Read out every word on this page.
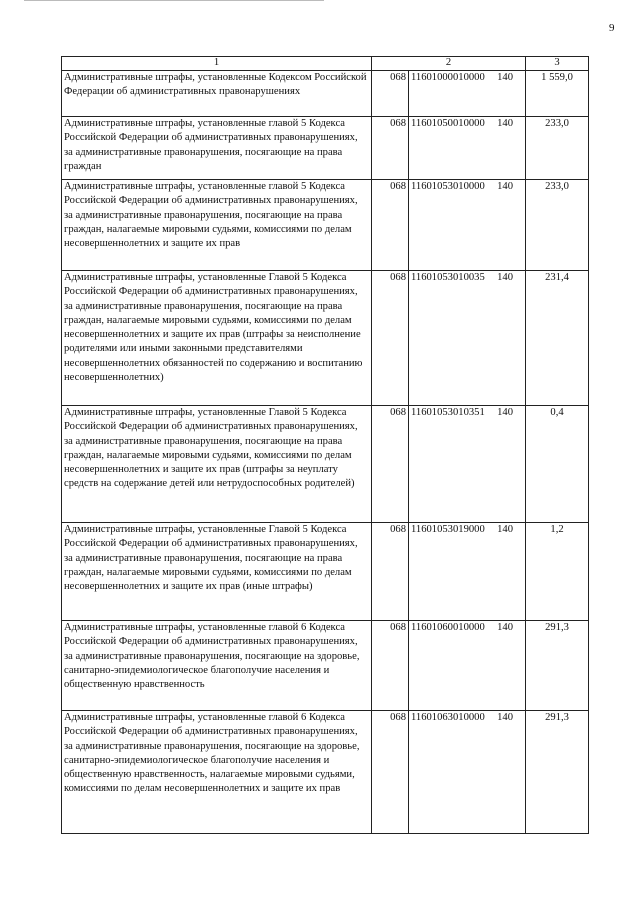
9
1	2		3
Административные штрафы, установленные Кодексом Российской Федерации об административных правонарушениях	068	11601000010000 140	1 559,0
Административные штрафы, установленные главой 5 Кодекса Российской Федерации об административных правонарушениях, за административные правонарушения, посягающие на права граждан	068	11601050010000 140	233,0
Административные штрафы, установленные главой 5 Кодекса Российской Федерации об административных правонарушениях, за административные правонарушения, посягающие на права граждан, налагаемые мировыми судьями, комиссиями по делам несовершеннолетних и защите их прав	068	11601053010000 140	233,0
Административные штрафы, установленные Главой 5 Кодекса Российской Федерации об административных правонарушениях, за административные правонарушения, посягающие на права граждан, налагаемые мировыми судьями, комиссиями по делам несовершеннолетних и защите их прав (штрафы за неисполнение родителями или иными законными представителями несовершеннолетних обязанностей по содержанию и воспитанию несовершеннолетних)	068	11601053010035 140	231,4
Административные штрафы, установленные Главой 5 Кодекса Российской Федерации об административных правонарушениях, за административные правонарушения, посягающие на права граждан, налагаемые мировыми судьями, комиссиями по делам несовершеннолетних и защите их прав (штрафы за неуплату средств на содержание детей или нетрудоспособных родителей)	068	11601053010351 140	0,4
Административные штрафы, установленные Главой 5 Кодекса Российской Федерации об административных правонарушениях, за административные правонарушения, посягающие на права граждан, налагаемые мировыми судьями, комиссиями по делам несовершеннолетних и защите их прав (иные штрафы)	068	11601053019000 140	1,2
Административные штрафы, установленные главой 6 Кодекса Российской Федерации об административных правонарушениях, за административные правонарушения, посягающие на здоровье, санитарно-эпидемиологическое благополучие населения и общественную нравственность	068	11601060010000 140	291,3
Административные штрафы, установленные главой 6 Кодекса Российской Федерации об административных правонарушениях, за административные правонарушения, посягающие на здоровье, санитарно-эпидемиологическое благополучие населения и общественную нравственность, налагаемые мировыми судьями, комиссиями по делам несовершеннолетних и защите их прав	068	11601063010000 140	291,3
